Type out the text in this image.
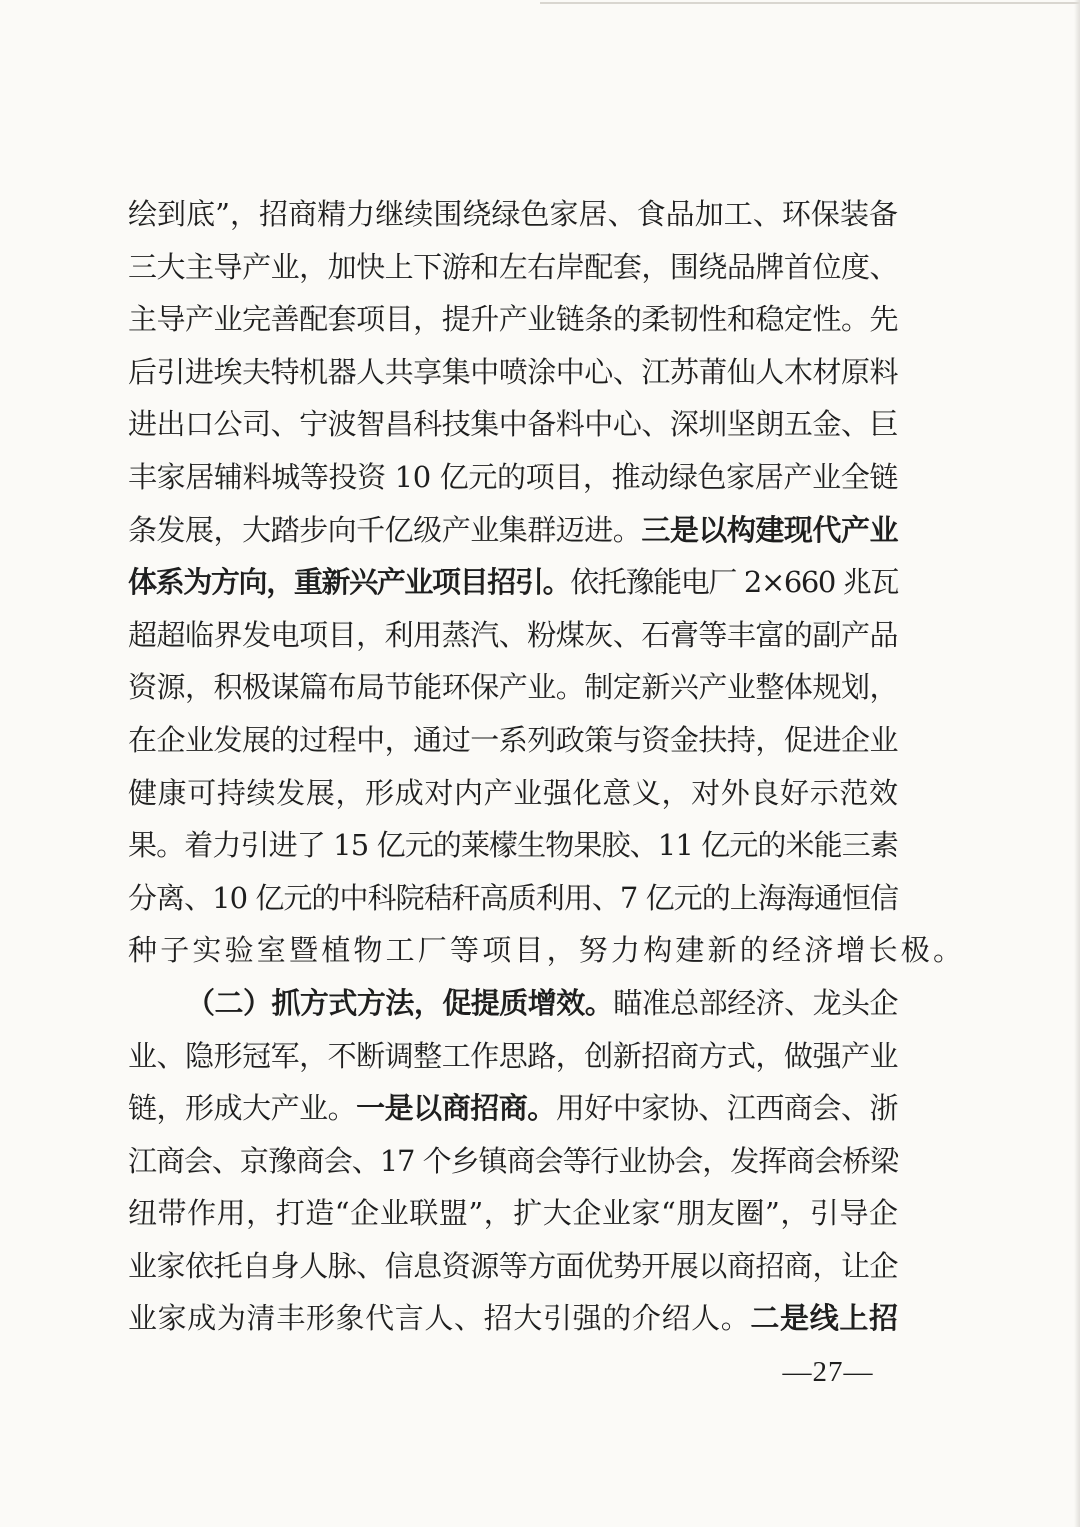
绘到底”，招商精力继续围绕绿色家居、食品加工、环保装备
三大主导产业，加快上下游和左右岸配套，围绕品牌首位度、
主导产业完善配套项目，提升产业链条的柔韧性和稳定性。先
后引进埃夫特机器人共享集中喷涂中心、江苏莆仙人木材原料
进出口公司、宁波智昌科技集中备料中心、深圳坚朗五金、巨
丰家居辅料城等投资 10 亿元的项目，推动绿色家居产业全链
条发展，大踏步向千亿级产业集群迈进。三是以构建现代产业
体系为方向，重新兴产业项目招引。依托豫能电厂 2×660 兆瓦
超超临界发电项目，利用蒸汽、粉煤灰、石膏等丰富的副产品
资源，积极谋篇布局节能环保产业。制定新兴产业整体规划，
在企业发展的过程中，通过一系列政策与资金扶持，促进企业
健康可持续发展，形成对内产业强化意义，对外良好示范效
果。着力引进了 15 亿元的莱檬生物果胶、11 亿元的米能三素
分离、10 亿元的中科院秸秆高质利用、7 亿元的上海海通恒信
种子实验室暨植物工厂等项目，努力构建新的经济增长极。
（二）抓方式方法，促提质增效。瞄准总部经济、龙头企
业、隐形冠军，不断调整工作思路，创新招商方式，做强产业
链，形成大产业。一是以商招商。用好中家协、江西商会、浙
江商会、京豫商会、17 个乡镇商会等行业协会，发挥商会桥梁
纽带作用，打造“企业联盟”，扩大企业家“朋友圈”，引导企
业家依托自身人脉、信息资源等方面优势开展以商招商，让企
业家成为清丰形象代言人、招大引强的介绍人。二是线上招
—27—
